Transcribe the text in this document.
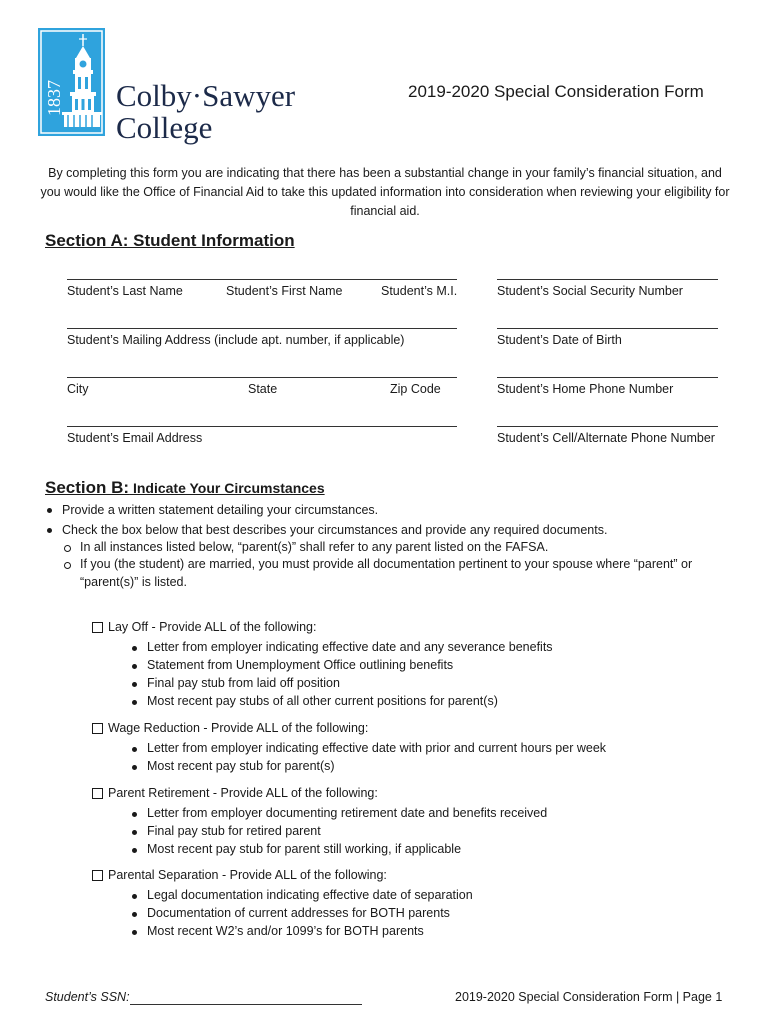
1837 Colby·Sawyer
College
2019-2020 Special Consideration Form
By completing this form you are indicating that there has been a substantial change in your family’s financial situation, and you would like the Office of Financial Aid to take this updated information into consideration when reviewing your eligibility for financial aid.
Section A: Student Information
Student’s Last Name	Student’s First Name	Student’s M.I.	Student’s Social Security Number
Student’s Mailing Address (include apt. number, if applicable)	Student’s Date of Birth
City	State	Zip Code	Student’s Home Phone Number
Student’s Email Address	Student’s Cell/Alternate Phone Number
Section B: Indicate Your Circumstances
Provide a written statement detailing your circumstances.
Check the box below that best describes your circumstances and provide any required documents.
In all instances listed below, “parent(s)” shall refer to any parent listed on the FAFSA.
If you (the student) are married, you must provide all documentation pertinent to your spouse where “parent” or
“parent(s)” is listed.
Lay Off - Provide ALL of the following:
Letter from employer indicating effective date and any severance benefits
Statement from Unemployment Office outlining benefits
Final pay stub from laid off position
Most recent pay stubs of all other current positions for parent(s)
Wage Reduction - Provide ALL of the following:
Letter from employer indicating effective date with prior and current hours per week
Most recent pay stub for parent(s)
Parent Retirement - Provide ALL of the following:
Letter from employer documenting retirement date and benefits received
Final pay stub for retired parent
Most recent pay stub for parent still working, if applicable
Parental Separation - Provide ALL of the following:
Legal documentation indicating effective date of separation
Documentation of current addresses for BOTH parents
Most recent W2’s and/or 1099’s for BOTH parents
Student’s SSN:	2019-2020 Special Consideration Form | Page 1
